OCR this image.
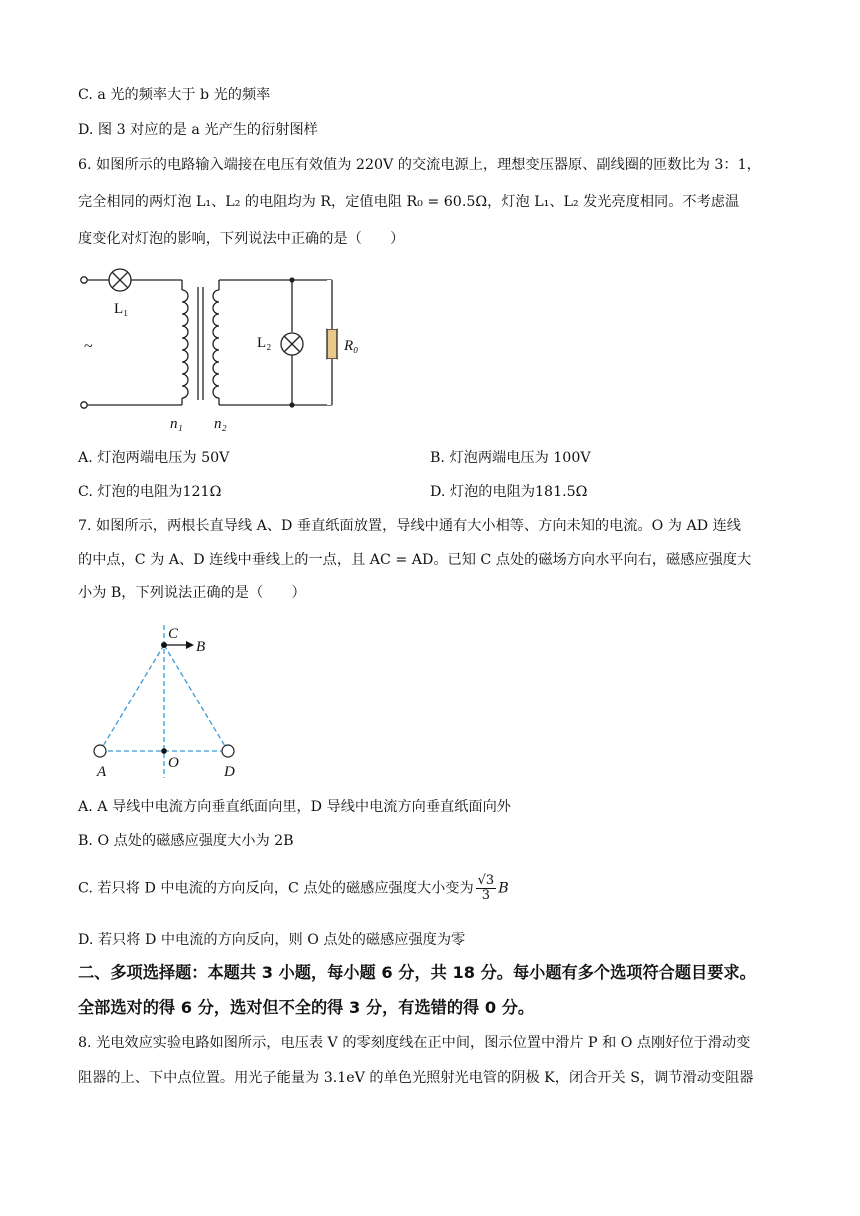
C. a 光的频率大于 b 光的频率
D. 图 3 对应的是 a 光产生的衍射图样
6. 如图所示的电路输入端接在电压有效值为 220V 的交流电源上，理想变压器原、副线圈的匝数比为 3：1，
完全相同的两灯泡 L₁、L₂ 的电阻均为 R，定值电阻 R₀ = 60.5Ω，灯泡 L₁、L₂ 发光亮度相同。不考虑温
度变化对灯泡的影响，下列说法中正确的是（　　）
L₁
~	L₂	R₀
n₁ n₂
A. 灯泡两端电压为 50V	B. 灯泡两端电压为 100V
C. 灯泡的电阻为121Ω	D. 灯泡的电阻为181.5Ω
7. 如图所示，两根长直导线 A、D 垂直纸面放置，导线中通有大小相等、方向未知的电流。O 为 AD 连线
的中点，C 为 A、D 连线中垂线上的一点，且 AC = AD。已知 C 点处的磁场方向水平向右，磁感应强度大
小为 B，下列说法正确的是（　　）
C
B
O
A	D
A. A 导线中电流方向垂直纸面向里，D 导线中电流方向垂直纸面向外
B. O 点处的磁感应强度大小为 2B
C. 若只将 D 中电流的方向反向，C 点处的磁感应强度大小变为 $\frac{√3}{3}$ B
D. 若只将 D 中电流的方向反向，则 O 点处的磁感应强度为零
二、多项选择题：本题共 3 小题，每小题 6 分，共 18 分。每小题有多个选项符合题目要求。
全部选对的得 6 分，选对但不全的得 3 分，有选错的得 0 分。
8. 光电效应实验电路如图所示，电压表 V 的零刻度线在正中间，图示位置中滑片 P 和 O 点刚好位于滑动变
阻器的上、下中点位置。用光子能量为 3.1eV 的单色光照射光电管的阴极 K，闭合开关 S，调节滑动变阻器
